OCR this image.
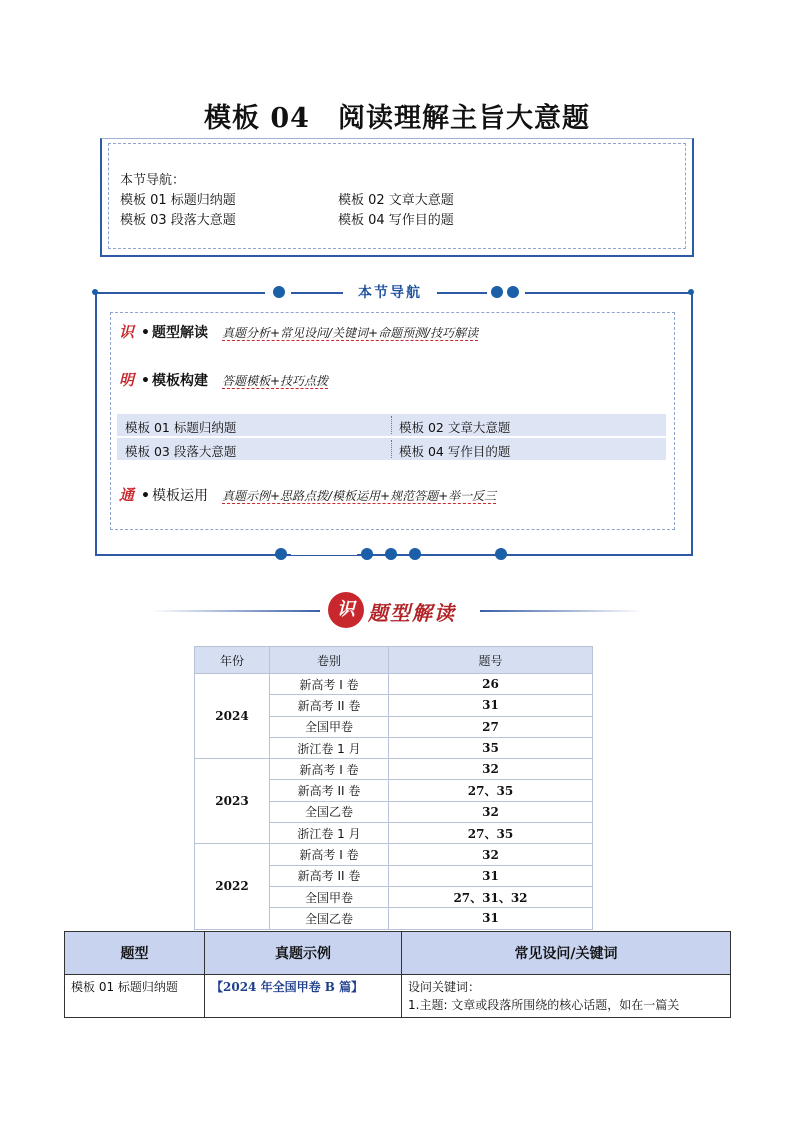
模板 04　阅读理解主旨大意题
本节导航：
模板 01 标题归纳题	模板 02 文章大意题
模板 03 段落大意题	模板 04 写作目的题
本节导航
识 • 题型解读 真题分析+常见设问/关键词+命题预测/技巧解读
明 • 模板构建 答题模板+技巧点拨
模板 01 标题归纳题	模板 02 文章大意题
模板 03 段落大意题	模板 04 写作目的题
通 • 模板运用 真题示例+思路点拨/模板运用+规范答题+举一反三
识 题型解读
年份	卷别	题号
2024	新高考 I 卷	26
	新高考 II 卷	31
	全国甲卷	27
	浙江卷 1 月	35
2023	新高考 I 卷	32
	新高考 II 卷	27、35
	全国乙卷	32
	浙江卷 1 月	27、35
2022	新高考 I 卷	32
	新高考 II 卷	31
	全国甲卷	27、31、32
	全国乙卷	31
题型	真题示例	常见设问/关键词
模板 01 标题归纳题	【2024 年全国甲卷 B 篇】	设问关键词：
1.主题: 文章或段落所围绕的核心话题，如在一篇关
